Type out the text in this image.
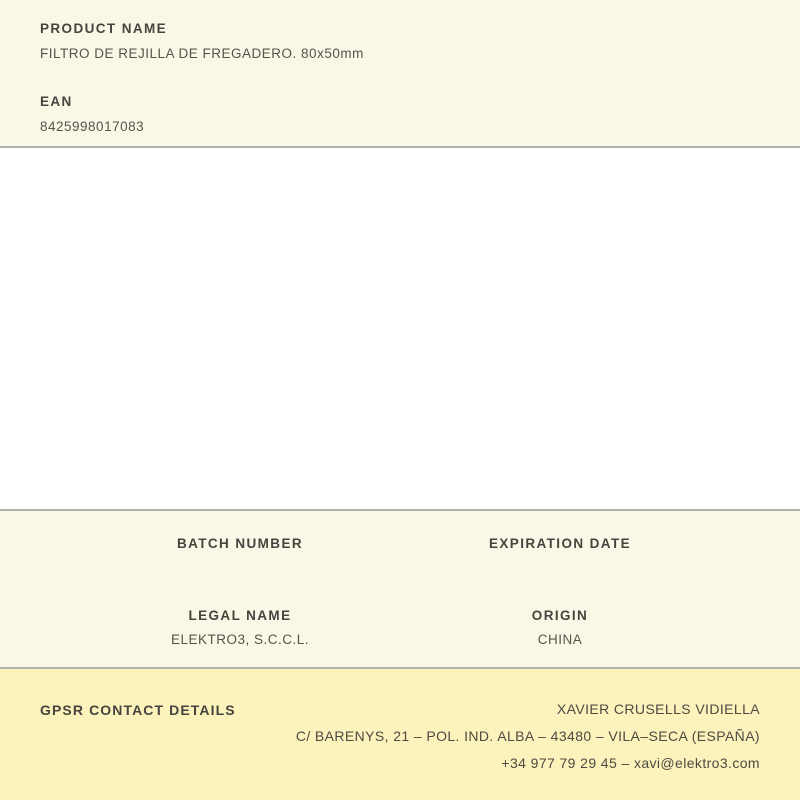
PRODUCT NAME
FILTRO DE REJILLA DE FREGADERO. 80x50mm
EAN
8425998017083
BATCH NUMBER	EXPIRATION DATE
LEGAL NAME
ELEKTRO3, S.C.C.L.
ORIGIN
CHINA
GPSR CONTACT DETAILS	XAVIER CRUSELLS VIDIELLA
C/ BARENYS, 21 – POL. IND. ALBA – 43480 – VILA–SECA (ESPAÑA)
+34 977 79 29 45 – xavi@elektro3.com
